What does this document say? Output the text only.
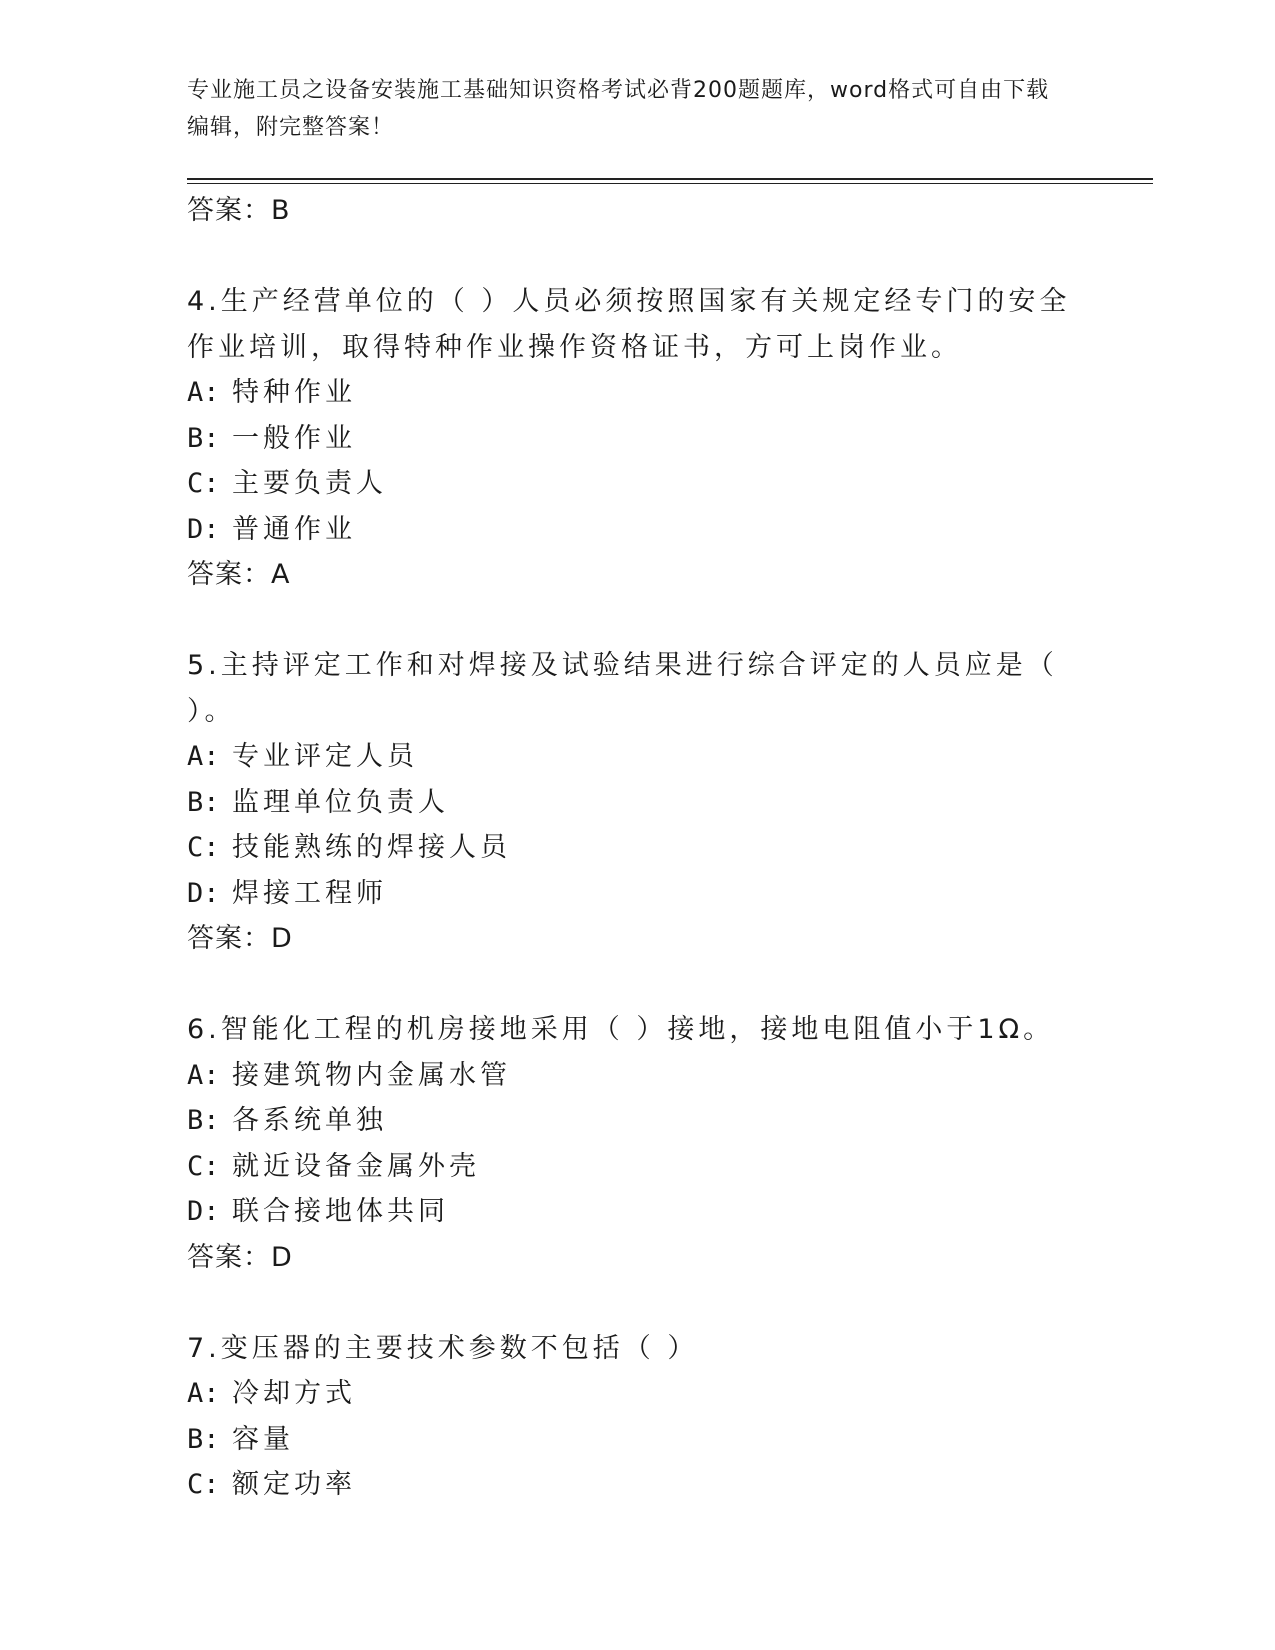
专业施工员之设备安装施工基础知识资格考试必背200题题库，word格式可自由下载编辑，附完整答案！
答案：B
4.生产经营单位的（ ）人员必须按照国家有关规定经专门的安全作业培训，取得特种作业操作资格证书，方可上岗作业。
A: 特种作业
B: 一般作业
C: 主要负责人
D: 普通作业
答案：A
5.主持评定工作和对焊接及试验结果进行综合评定的人员应是（ ）。
A: 专业评定人员
B: 监理单位负责人
C: 技能熟练的焊接人员
D: 焊接工程师
答案：D
6.智能化工程的机房接地采用（ ）接地，接地电阻值小于1Ω。
A: 接建筑物内金属水管
B: 各系统单独
C: 就近设备金属外壳
D: 联合接地体共同
答案：D
7.变压器的主要技术参数不包括（ ）
A: 冷却方式
B: 容量
C: 额定功率
